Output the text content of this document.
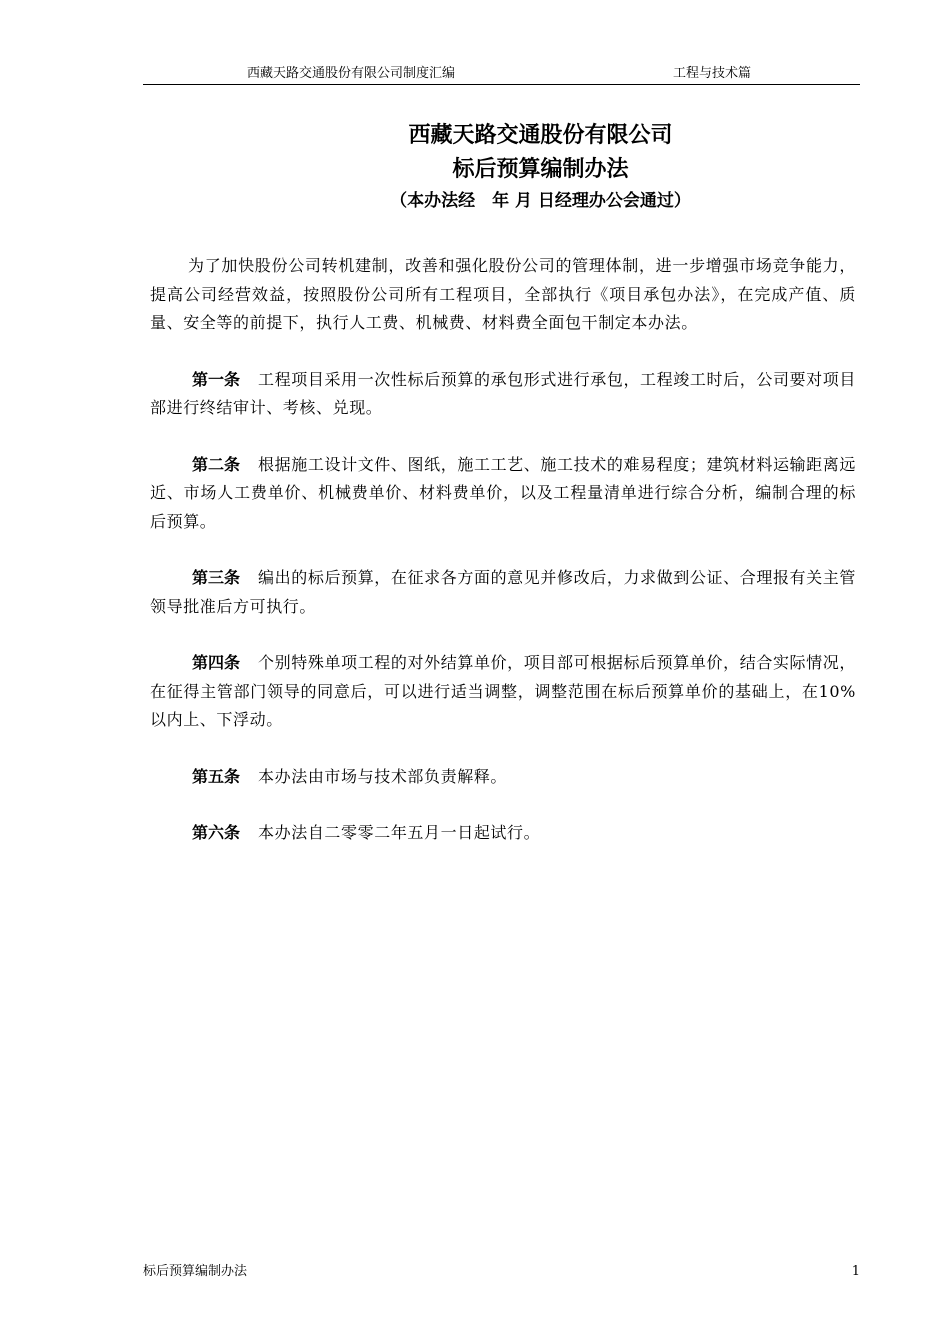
西藏天路交通股份有限公司制度汇编	工程与技术篇
西藏天路交通股份有限公司
标后预算编制办法
（本办法经　年 月 日经理办公会通过）

为了加快股份公司转机建制，改善和强化股份公司的管理体制，进一步增强市场竞争能力，提高公司经营效益，按照股份公司所有工程项目，全部执行《项目承包办法》，在完成产值、质量、安全等的前提下，执行人工费、机械费、材料费全面包干制定本办法。

第一条 工程项目采用一次性标后预算的承包形式进行承包，工程竣工时后，公司要对项目部进行终结审计、考核、兑现。

第二条 根据施工设计文件、图纸，施工工艺、施工技术的难易程度；建筑材料运输距离远近、市场人工费单价、机械费单价、材料费单价，以及工程量清单进行综合分析，编制合理的标后预算。

第三条 编出的标后预算，在征求各方面的意见并修改后，力求做到公证、合理报有关主管领导批准后方可执行。

第四条 个别特殊单项工程的对外结算单价，项目部可根据标后预算单价，结合实际情况，在征得主管部门领导的同意后，可以进行适当调整，调整范围在标后预算单价的基础上，在10%以内上、下浮动。

第五条 本办法由市场与技术部负责解释。

第六条 本办法自二零零二年五月一日起试行。

标后预算编制办法	1
